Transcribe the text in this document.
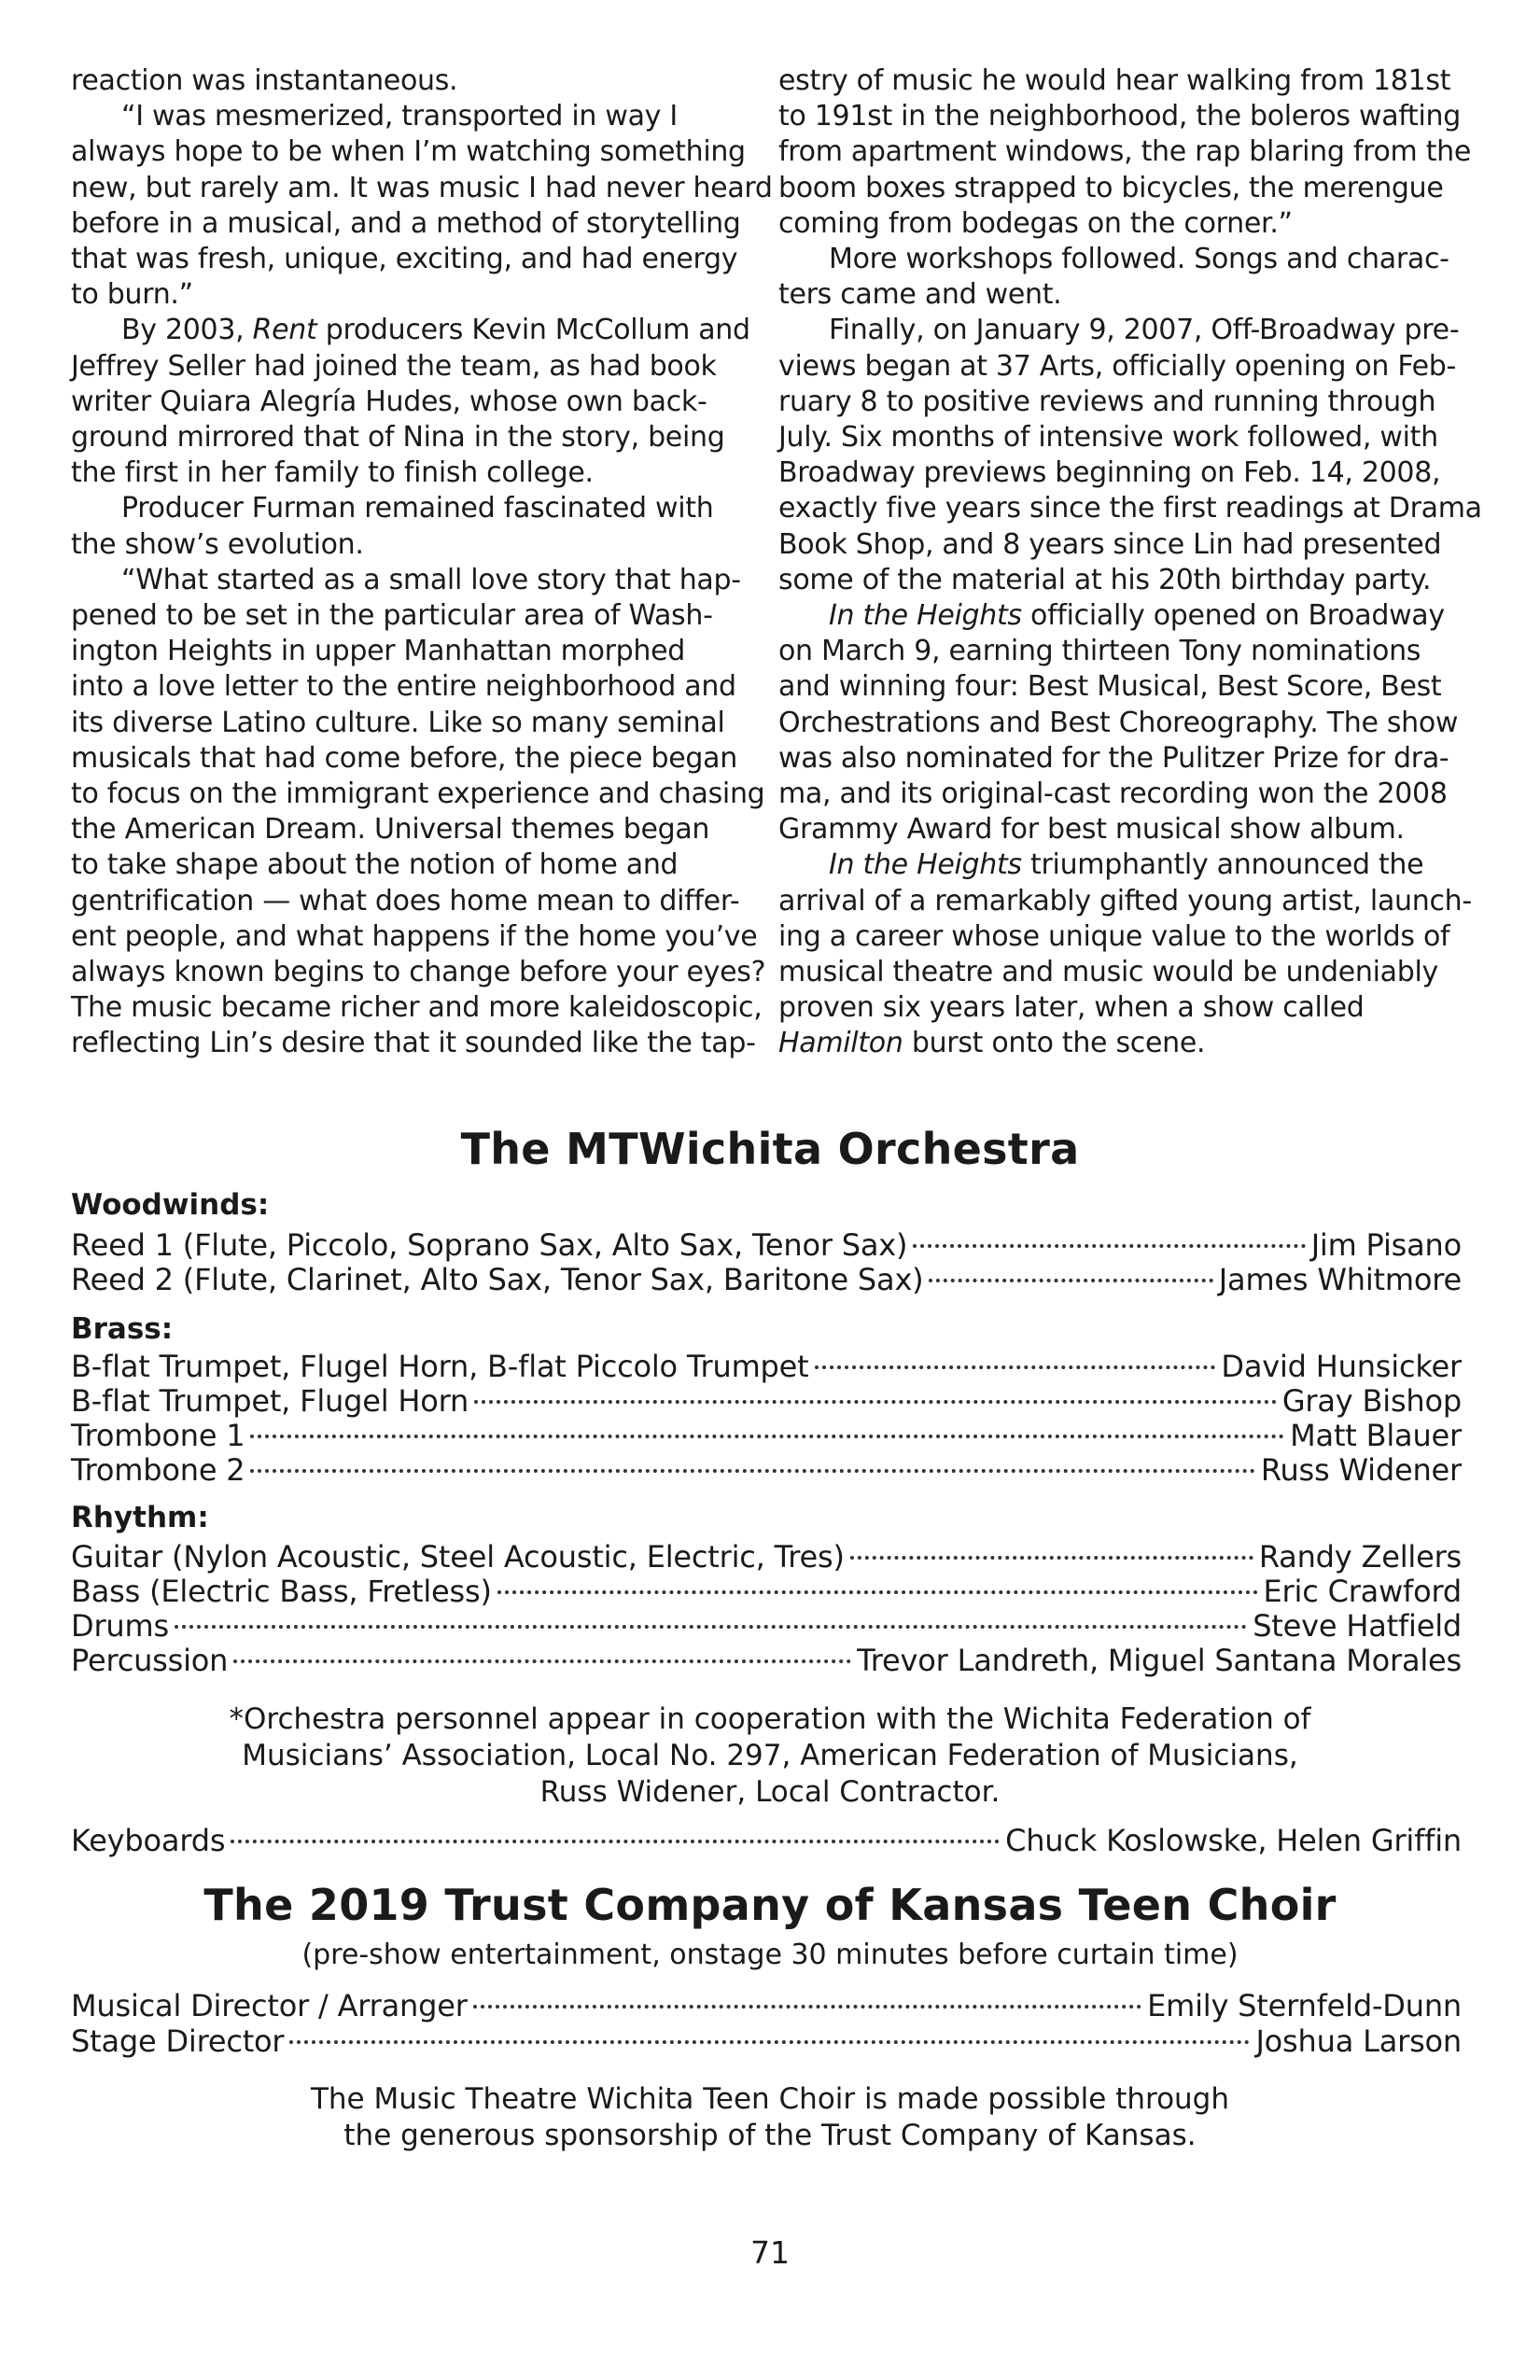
reaction was instantaneous.
“I was mesmerized, transported in way I
always hope to be when I’m watching something
new, but rarely am. It was music I had never heard
before in a musical, and a method of storytelling
that was fresh, unique, exciting, and had energy
to burn.”
By 2003, Rent producers Kevin McCollum and
Jeffrey Seller had joined the team, as had book
writer Quiara Alegría Hudes, whose own back-
ground mirrored that of Nina in the story, being
the first in her family to finish college.
Producer Furman remained fascinated with
the show’s evolution.
“What started as a small love story that hap-
pened to be set in the particular area of Wash-
ington Heights in upper Manhattan morphed
into a love letter to the entire neighborhood and
its diverse Latino culture. Like so many seminal
musicals that had come before, the piece began
to focus on the immigrant experience and chasing
the American Dream. Universal themes began
to take shape about the notion of home and
gentrification — what does home mean to differ-
ent people, and what happens if the home you’ve
always known begins to change before your eyes?
The music became richer and more kaleidoscopic,
reflecting Lin’s desire that it sounded like the tap-
estry of music he would hear walking from 181st
to 191st in the neighborhood, the boleros wafting
from apartment windows, the rap blaring from the
boom boxes strapped to bicycles, the merengue
coming from bodegas on the corner.”
More workshops followed. Songs and charac-
ters came and went.
Finally, on January 9, 2007, Off-Broadway pre-
views began at 37 Arts, officially opening on Feb-
ruary 8 to positive reviews and running through
July. Six months of intensive work followed, with
Broadway previews beginning on Feb. 14, 2008,
exactly five years since the first readings at Drama
Book Shop, and 8 years since Lin had presented
some of the material at his 20th birthday party.
In the Heights officially opened on Broadway
on March 9, earning thirteen Tony nominations
and winning four: Best Musical, Best Score, Best
Orchestrations and Best Choreography. The show
was also nominated for the Pulitzer Prize for dra-
ma, and its original-cast recording won the 2008
Grammy Award for best musical show album.
In the Heights triumphantly announced the
arrival of a remarkably gifted young artist, launch-
ing a career whose unique value to the worlds of
musical theatre and music would be undeniably
proven six years later, when a show called
Hamilton burst onto the scene.
The MTWichita Orchestra
Woodwinds:
Reed 1 (Flute, Piccolo, Soprano Sax, Alto Sax, Tenor Sax)	Jim Pisano
Reed 2 (Flute, Clarinet, Alto Sax, Tenor Sax, Baritone Sax)	James Whitmore
Brass:
B-flat Trumpet, Flugel Horn, B-flat Piccolo Trumpet	David Hunsicker
B-flat Trumpet, Flugel Horn	Gray Bishop
Trombone 1	Matt Blauer
Trombone 2	Russ Widener
Rhythm:
Guitar (Nylon Acoustic, Steel Acoustic, Electric, Tres)	Randy Zellers
Bass (Electric Bass, Fretless)	Eric Crawford
Drums	Steve Hatfield
Percussion	Trevor Landreth, Miguel Santana Morales
*Orchestra personnel appear in cooperation with the Wichita Federation of
Musicians’ Association, Local No. 297, American Federation of Musicians,
Russ Widener, Local Contractor.
Keyboards	Chuck Koslowske, Helen Griffin
The 2019 Trust Company of Kansas Teen Choir
(pre-show entertainment, onstage 30 minutes before curtain time)
Musical Director / Arranger	Emily Sternfeld-Dunn
Stage Director	Joshua Larson
The Music Theatre Wichita Teen Choir is made possible through
the generous sponsorship of the Trust Company of Kansas.
71
